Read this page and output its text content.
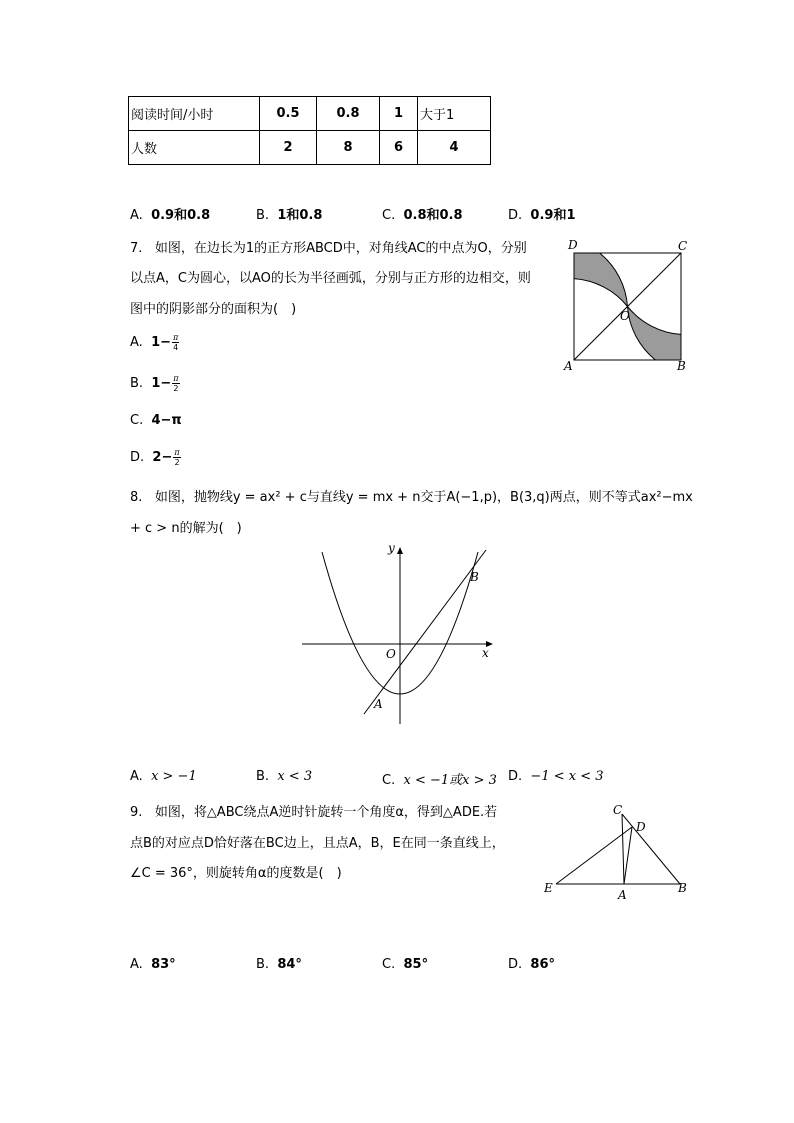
阅读时间/小时	0.5	0.8	1	大于1
人数	2	8	6	4
A. 0.9和0.8	B. 1和0.8	C. 0.8和0.8	D. 0.9和1
7. 如图，在边长为1的正方形ABCD中，对角线AC的中点为O，分别
以点A，C为圆心，以AO的长为半径画弧，分别与正方形的边相交，则
图中的阴影部分的面积为(　)
A. $1- \frac{\pi}{4}$
B. $1- \frac{\pi}{2}$
C. 4−π
D. $2- \frac{\pi}{2}$
D	C
O
A	B
8. 如图，抛物线y = ax² + c与直线y = mx + n交于A(−1,p)，B(3,q)两点，则不等式ax²−mx
+ c > n的解为(　)
y
x
O
A
B
A. x > −1	B. x < 3	C. x < −1或x > 3 D. −1 < x < 3
9. 如图，将△ABC绕点A逆时针旋转一个角度α，得到△ADE.若
点B的对应点D恰好落在BC边上，且点A，B，E在同一条直线上，
∠C = 36°，则旋转角α的度数是(　)
C
D
E	A	B
A. 83°	B. 84°	C. 85°	D. 86°
